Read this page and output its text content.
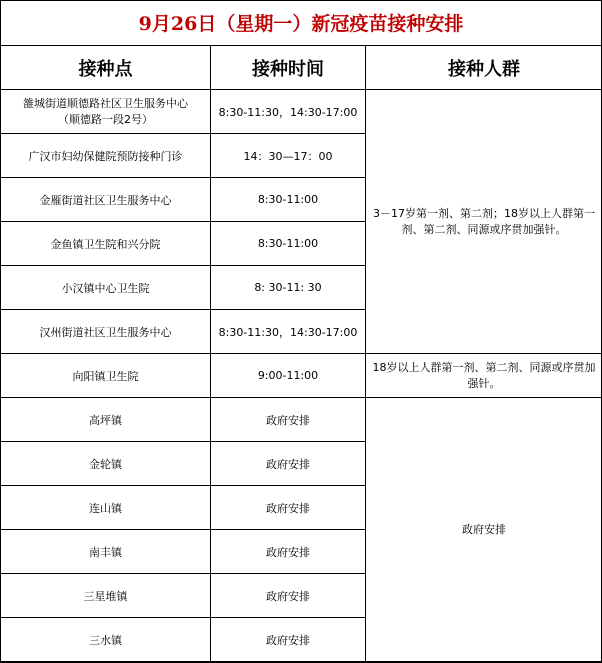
9月26日（星期一）新冠疫苗接种安排
接种点	接种时间	接种人群
雒城街道顺德路社区卫生服务中心
（顺德路一段2号）	8:30-11:30，14:30-17:00	3－17岁第一剂、第二剂；18岁以上人群第一剂、第二剂、同源或序贯加强针。
广汉市妇幼保健院预防接种门诊	14：30—17：00	
金雁街道社区卫生服务中心	8:30-11:00	
金鱼镇卫生院和兴分院	8:30-11:00	
小汉镇中心卫生院	8: 30-11: 30	
汉州街道社区卫生服务中心	8:30-11:30，14:30-17:00	
向阳镇卫生院	9:00-11:00	18岁以上人群第一剂、第二剂、同源或序贯加强针。
高坪镇	政府安排	政府安排
金轮镇	政府安排	
连山镇	政府安排	
南丰镇	政府安排	
三星堆镇	政府安排	
三水镇	政府安排	
